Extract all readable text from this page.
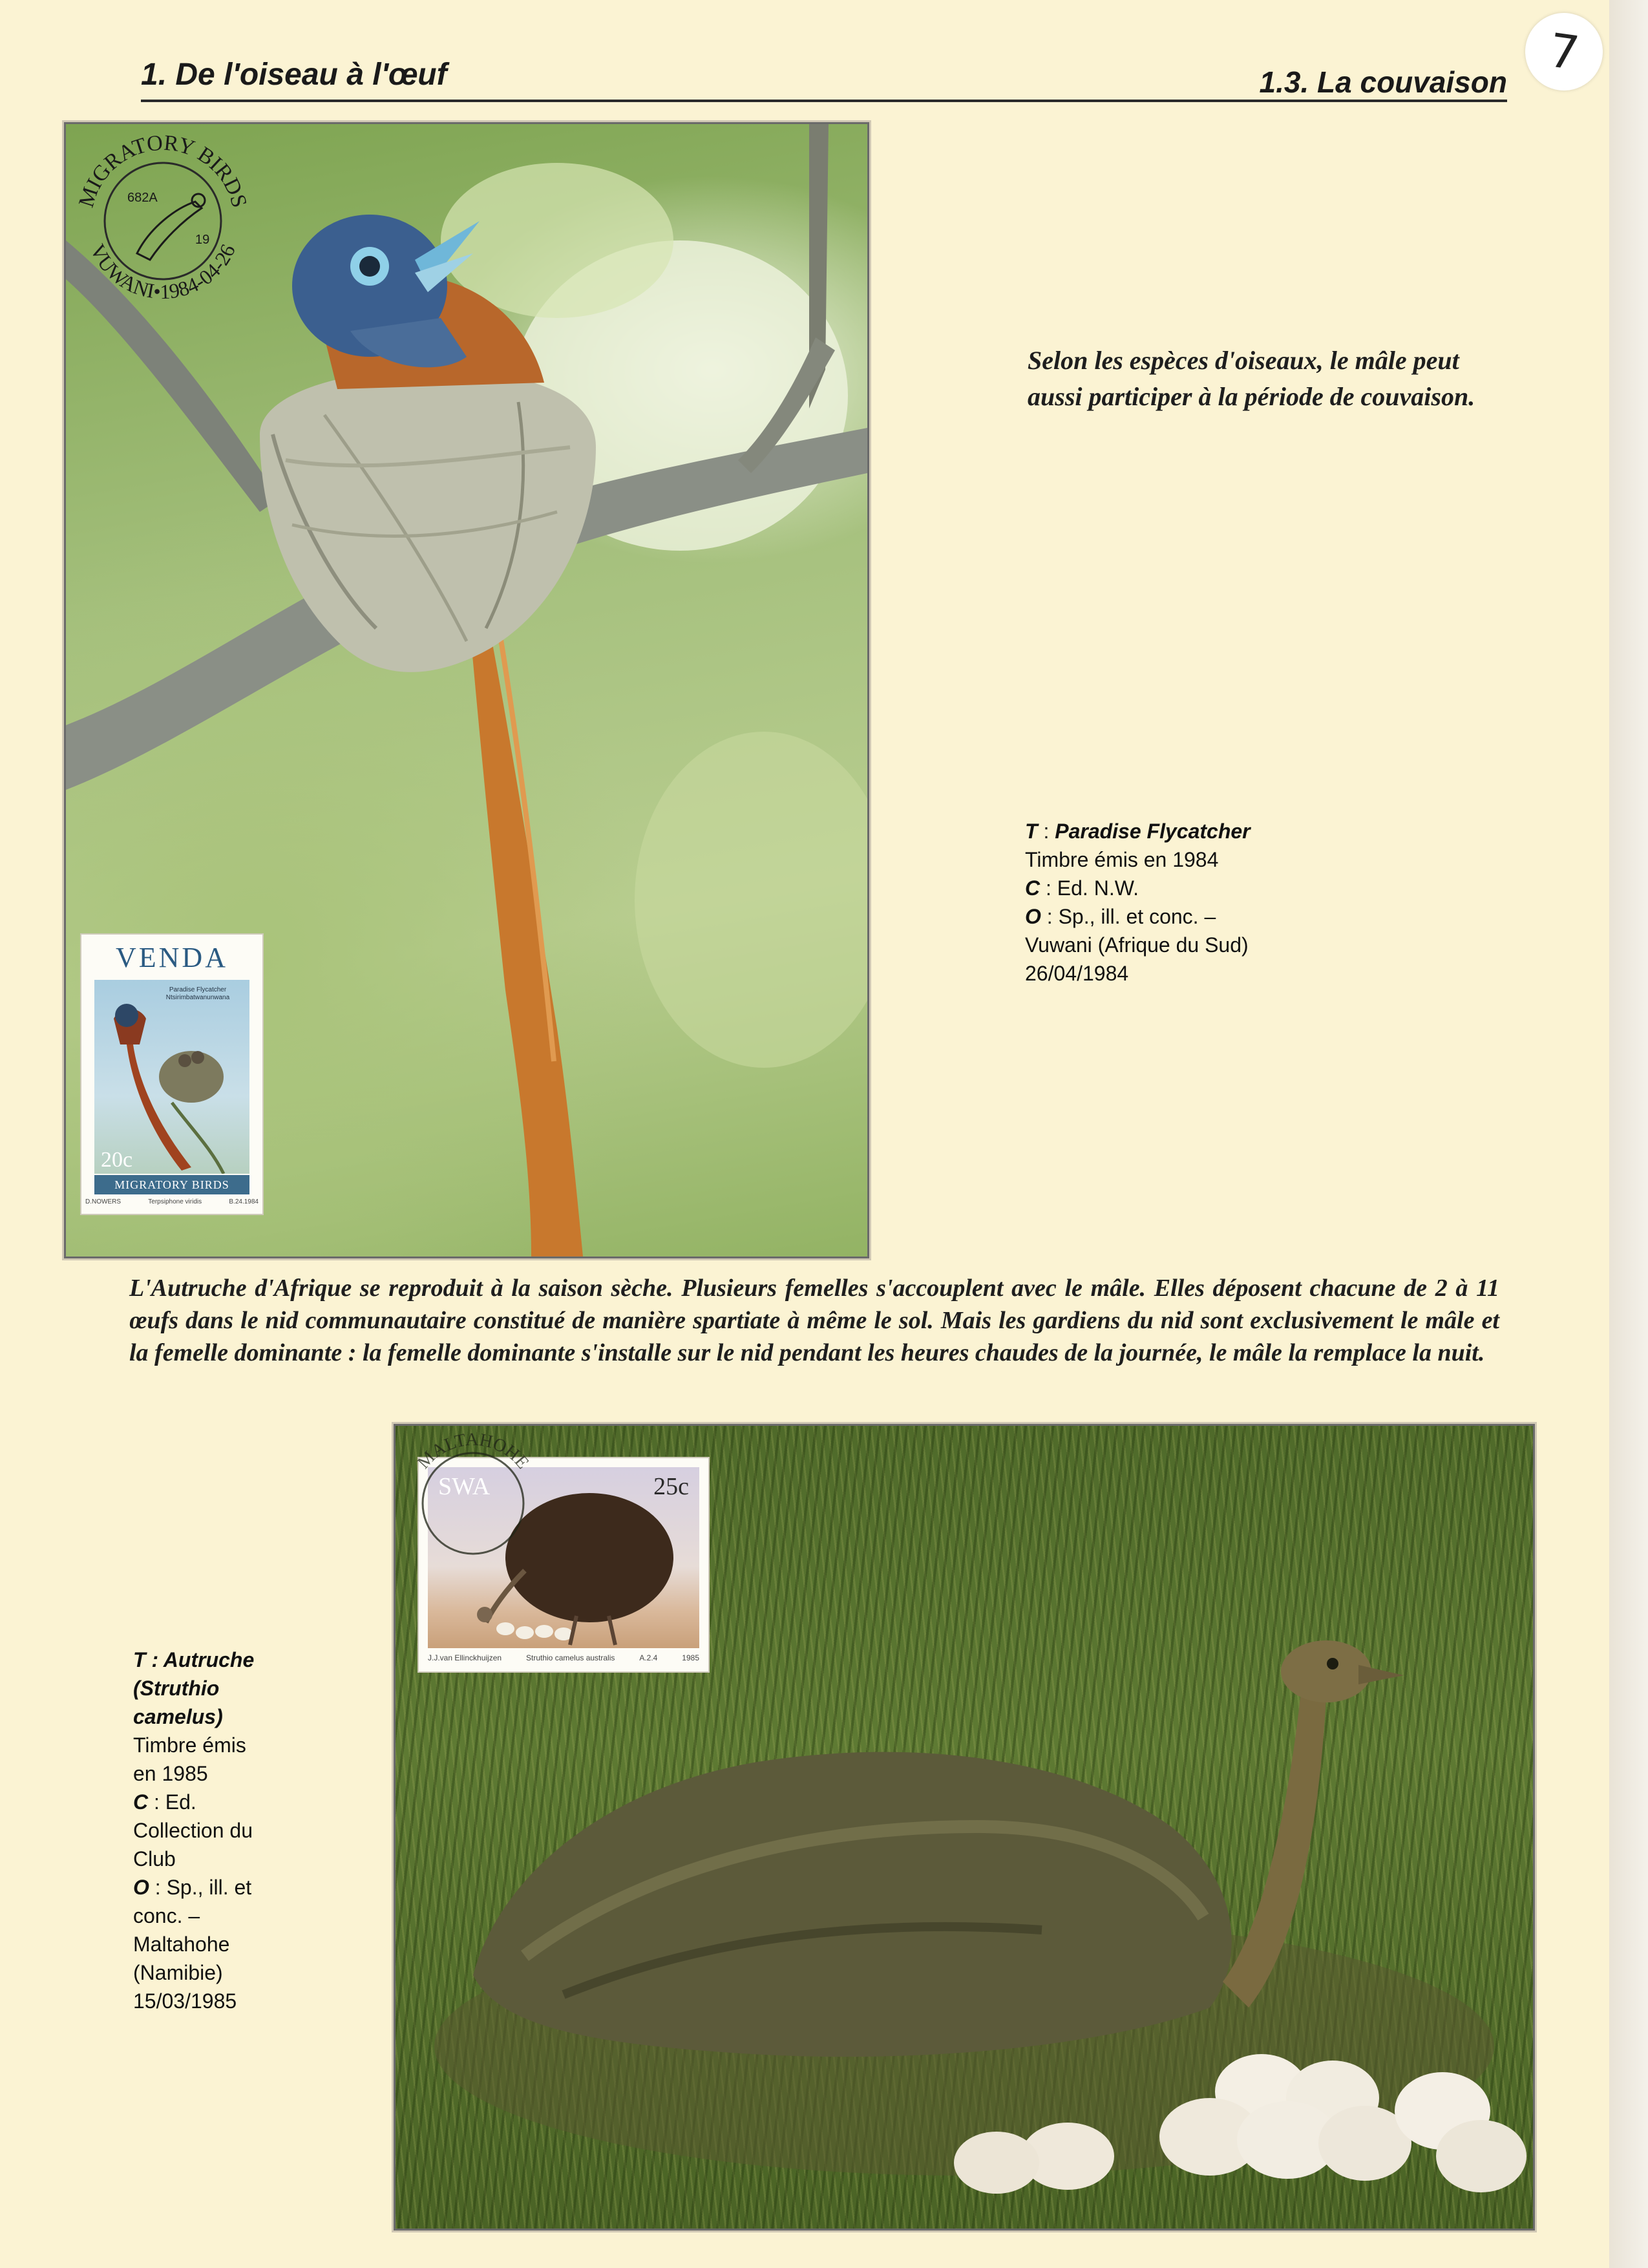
7
1. De l'oiseau à l'œuf	1.3. La couvaison
VENDA
Paradise Flycatcher
Ntsirimbatwanunwana
20c
MIGRATORY BIRDS
D.NOWERS	Terpsiphone viridis	B.24.1984
MIGRATORY BIRDS
VUWANI•1984-04-26
682A
19
Selon les espèces d'oiseaux, le mâle peut aussi participer à la période de couvaison.
T : Paradise Flycatcher
Timbre émis en 1984
C : Ed. N.W.
O : Sp., ill. et conc. –
Vuwani (Afrique du Sud)
26/04/1984
L'Autruche d'Afrique se reproduit à la saison sèche. Plusieurs femelles s'accouplent avec le mâle. Elles déposent chacune de 2 à 11 œufs dans le nid communautaire constitué de manière spartiate à même le sol. Mais les gardiens du nid sont exclusivement le mâle et la femelle dominante : la femelle dominante s'installe sur le nid pendant les heures chaudes de la journée, le mâle la remplace la nuit.
SWA	25c
J.J.van Ellinckhuijzen	Struthio camelus australis	A.2.4	1985
MALTAHOHE
T : Autruche
(Struthio
camelus)
Timbre émis
en 1985
C : Ed.
Collection du
Club
O : Sp., ill. et
conc. –
Maltahohe
(Namibie)
15/03/1985
